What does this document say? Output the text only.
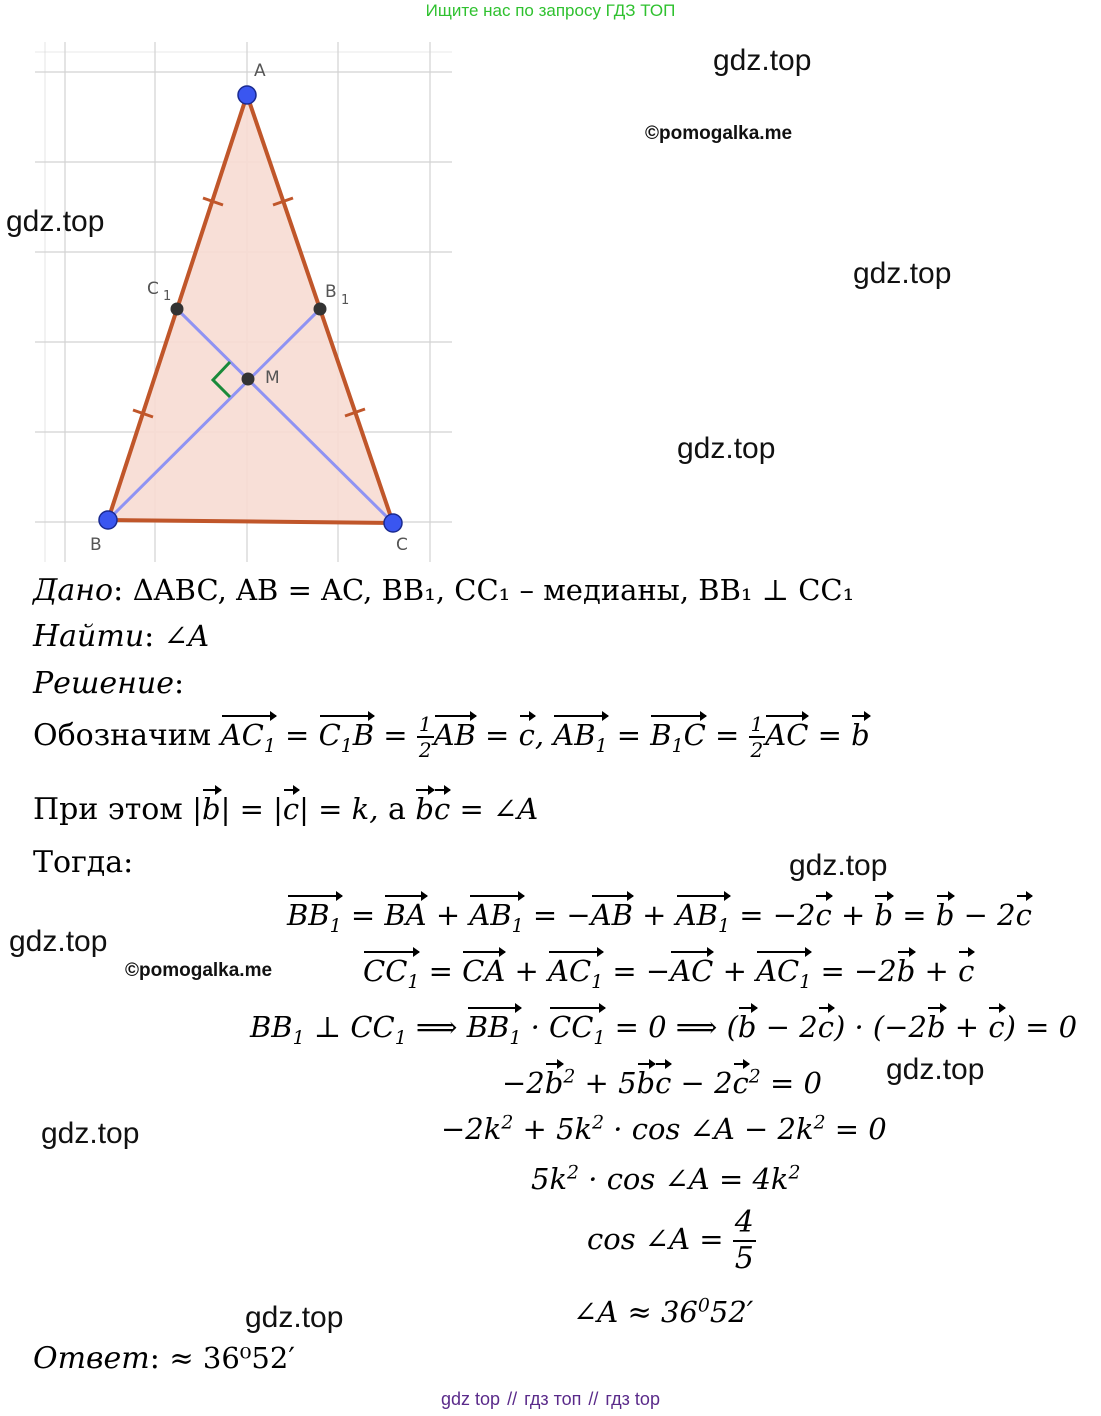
Ищите нас по запросу ГДЗ ТОП
A
B	C
C 1	B 1
M
gdz.top
©pomogalka.me
gdz.top
gdz.top
gdz.top
gdz.top
gdz.top
©pomogalka.me
gdz.top
gdz.top
gdz.top
Дано: ΔABC, AB = AC, BB₁, CC₁ – медианы, BB₁ ⊥ CC₁
Найти: ∠A
Решение:
Обозначим $AC_1 = C_1B = \frac{1}{2}$ AB = c, $AB_1 = B_1C = \frac{1}{2}$ AC = b
При этом |b| = |c| = k, а bc = ∠A
Тогда:
$BB_1$ = BA + $AB_1 = -AB + AB_1 = -2c + b = b - 2c$
$CC_1$ = CA + $AC_1 = -AC + AC_1 = -2b + c$
$BB_1$ ⊥ $CC_1$ ⟹ $BB_1 \cdot CC_1 = 0$ ⟹ (b − 2c) · (−2b + c) = 0
$-2b^2 + 5bc - 2c^2 = 0$
$-2k^2 + 5k^2 \cdot \cos$ ∠A − $2k^2 = 0$
$5k^2 \cdot \cos$ ∠A = $4k^2$
cos ∠A = $\frac{4}{5}$
∠A ≈ $36^052'$
Ответ: ≈ 36⁰52′
gdz top // гдз топ // гдз top
